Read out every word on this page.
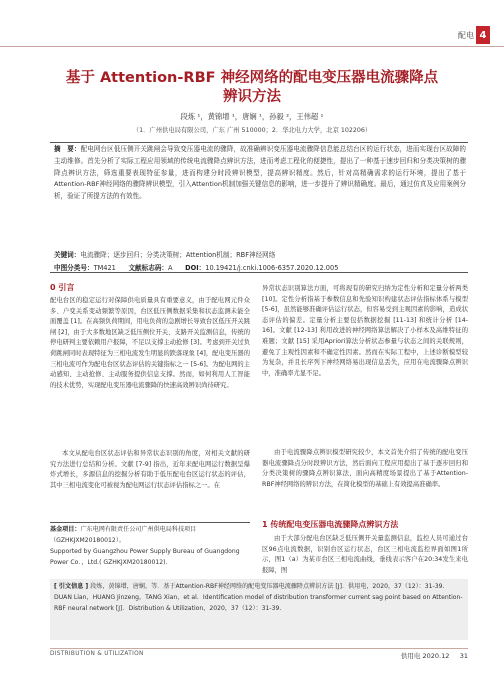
配电 4
基于 Attention-RBF 神经网络的配电变压器电流骤降点
辨识方法
段炼 ¹，黄锦增 ¹，唐娴 ¹，孙毅 ²，王伟超 ¹
（1．广州供电局有限公司，广东 广州 510000；2．华北电力大学，北京 102206）
摘　要：配电网台区低压侧开关跳闸会导致变压器电流的骤降，故准确辨识变压器电流骤降信息能总结台区的运行状态，进而实现台区故障的主动维修。首先分析了实际工程应用领域的传统电流骤降点辨识方法，进而考虑工程化的便捷性，提出了一种基于速步回归和分类决策树的骤降点辨识方法，筛选重要表现特征参量，进而构建分时段辨识模型，提高辨识精度。然后，针对高精确需求的运行环境，提出了基于Attention-RBF神经网络的骤降辨识模型，引入Attention机制加强关键信息的影响，进一步提升了辨识精确度。最后，通过仿真及应用案例分析，验证了所提方法的有效性。
关键词：电流骤降；逐步回归；分类决策树；Attention机制；RBF神经网络
中图分类号：TM421 文献标志码：A DOI：10.19421/j.cnki.1006-6357.2020.12.005
0 引言
配电台区的稳定运行对保障供电质量具有重要意义，由于配电网元件众多、户变关系变动频繁等原因，台区低压侧数据采集和状态监测未能全面覆盖 [1]。在高频负荷期间，用电负荷的急剧增长导致台区低压开关跳闸 [2]，由于大多数地区缺乏低压侧位开关、支路开关监测信息，传统的停电研判主要依赖用户报障，不足以支撑主动抢修 [3]。考虑到开关过负荷跳闸同时表现特征为三相电流发生明显的跌落现象 [4]，配电变压器的三相电流可作为配电台区状态评估的关键指标之一 [5-6]。为配电网的主动感知、主动抢修、主动服务提供信息支撑。然而，如何利用人工智能的技术优势，实现配电变压器电流骤降的快速高效辨识尚待研究。
本文从配电台区状态评估和异常状态识别的角度，对相关文献的研究方法进行总结和分析。文献 [7-9] 指出，近年来配电网运行数据呈爆炸式增长，多源信息的挖掘分析有助于低压配电台区运行状态的评估，其中三相电流变化可被视为配电网运行状态评估指标之一。在
异常状态识别算法方面，可将现有的研究归纳为定性分析和定量分析两类 [10]。定性分析指基于参数信息和先验知识构建状态评估指标体系与模型 [5-6]，虽然能够准确评估运行状态，但容易受到主观因素的影响，造成状态评估的偏差。定量分析主要包括数据挖掘 [11-13] 和统计分析 [14-16]。文献 [12-13] 利用改进的神经网络算法解决了小样本及高维特征的难题；文献 [15] 采用Apriori算法分析状态参量与状态之间的关联规则，避免了主观性因素和不确定性因素。然而在实际工程中，上述诊断模型较为复杂，并且长序列下神经网络易出现信息丢失，应用在电流骤降点辨识中，准确率尤显不足。
由于电流骤降点辨识模型研究较少，本文首先介绍了传统的配电变压器电流骤降点分时段辨识方法，然后面向工程应用提出了基于逐步回归和分类决策树的骤降点辨识算法，面向高精度场景提出了基于Attention-RBF神经网络的辨识方法，在简化模型的基础上有效提高准确率。
1 传统配电变压器电流骤降点辨识方法
由于大部分配电台区缺乏低压侧开关量监测信息，监控人员可通过台区96点电流数据，识别台区运行状态，台区三相电流监控界面如图1所示，图1（a）为某市台区三相电流曲线，垂线表示客户在20:34发生来电报障，图
基金项目：广东电网有限责任公司广州供电局科技项目（GZHKJXM20180012）。
Supported by Guangzhou Power Supply Bureau of Guangdong Power Co．，Ltd.( GZHKJXM20180012)．
[ 引文信息 ] 段炼，黄锦增，唐娴，等．基于Attention-RBF神经网络的配电变压器电流骤降点辨识方法 [J]．供用电，2020，37（12）：31-39.
DUAN Lian，HUANG Jinzeng，TANG Xian，et al．Identification model of distribution transformer current sag point based on Attention-RBF neural network [J]．Distribution & Utilization，2020，37（12）：31-39.
DISTRIBUTION & UTILIZATION	供用电 2020.12 31
